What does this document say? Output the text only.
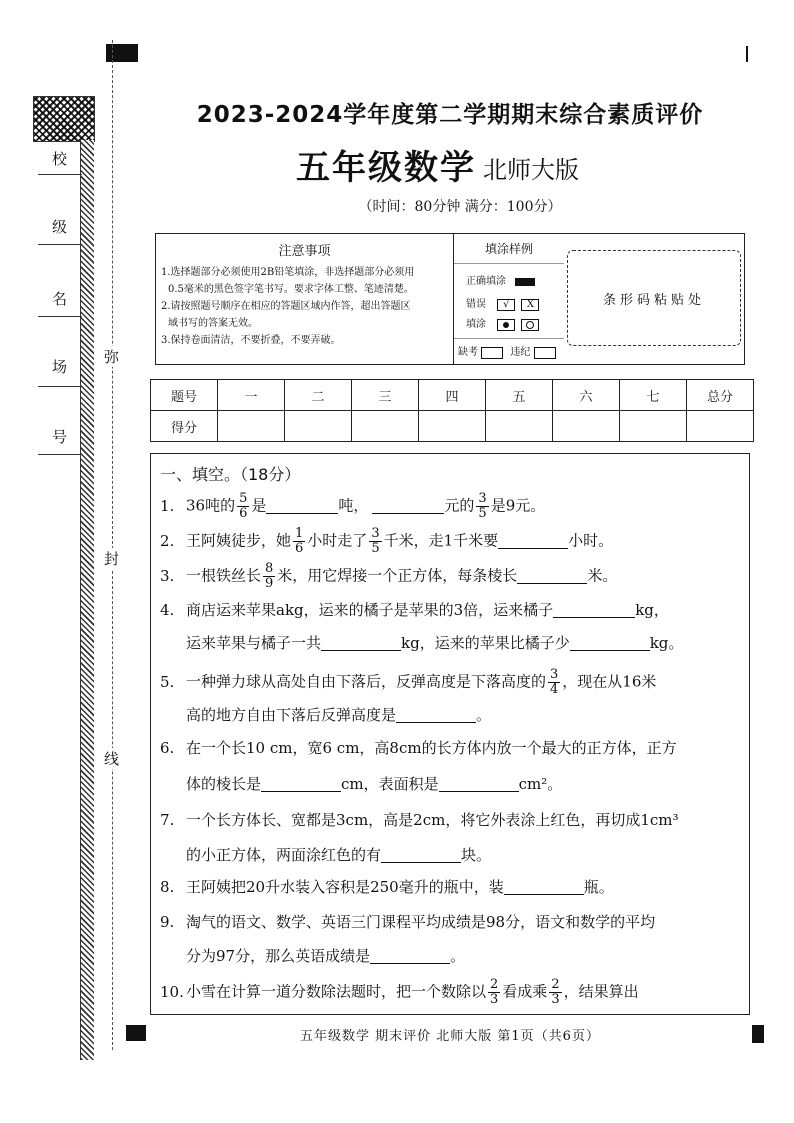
校
级
名
场
号
弥
封
线
2023-2024学年度第二学期期末综合素质评价
五年级数学 北师大版
（时间：80分钟 满分：100分）
注意事项
1.选择题部分必须使用2B铅笔填涂，非选择题部分必须用
0.5毫米的黑色签字笔书写。要求字体工整、笔迹清楚。
2.请按照题号顺序在相应的答题区域内作答，超出答题区
域书写的答案无效。
3.保持卷面清洁，不要折叠，不要弄破。
填涂样例
正确填涂
错误 √ X
填涂

缺考	违纪
条形码粘贴处
题号	一	二	三	四	五	六	七	总分
得分								
一、填空。（18分）
1. 36吨的 $\frac{5}{6}$ 是	吨，	元的 $\frac{3}{5}$ 是9元。
2. 王阿姨徒步，她 $\frac{1}{6}$ 小时走了 $\frac{3}{5}$ 千米，走1千米要	小时。
3. 一根铁丝长 $\frac{8}{9}$ 米，用它焊接一个正方体，每条棱长	米。
4. 商店运来苹果akg，运来的橘子是苹果的3倍，运来橘子	kg，
运来苹果与橘子一共	kg，运来的苹果比橘子少	kg。
5. 一种弹力球从高处自由下落后，反弹高度是下落高度的 $\frac{3}{4}$ ，现在从16米
高的地方自由下落后反弹高度是	。
6. 在一个长10 cm，宽6 cm，高8cm的长方体内放一个最大的正方体，正方
体的棱长是	cm，表面积是	cm²。
7. 一个长方体长、宽都是3cm，高是2cm，将它外表涂上红色，再切成1cm³
的小正方体，两面涂红色的有	块。
8. 王阿姨把20升水装入容积是250毫升的瓶中，装	瓶。
9. 淘气的语文、数学、英语三门课程平均成绩是98分，语文和数学的平均
分为97分，那么英语成绩是	。
10. 小雪在计算一道分数除法题时，把一个数除以 $\frac{2}{3}$ 看成乘 $\frac{2}{3}$ ，结果算出
五年级数学 期末评价 北师大版 第1页（共6页）
